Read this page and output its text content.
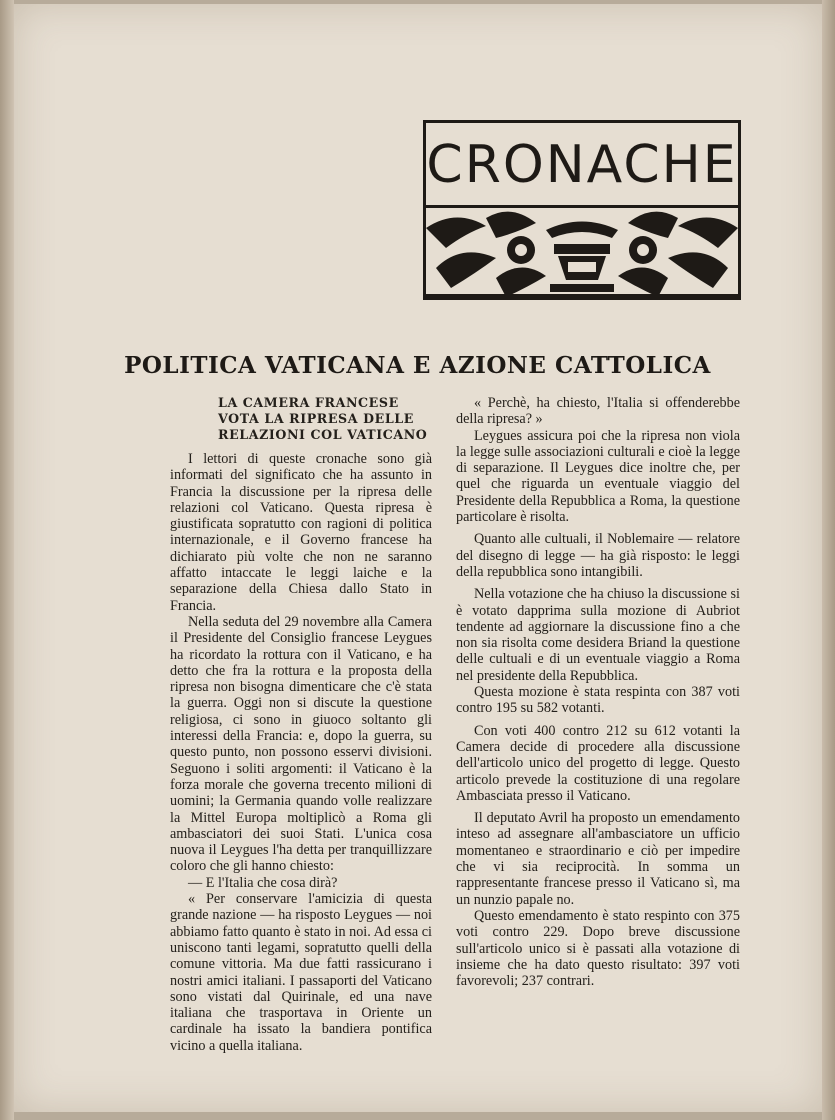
CRONACHE
POLITICA VATICANA E AZIONE CATTOLICA
LA CAMERA FRANCESE VOTA LA RIPRESA DELLE RELAZIONI COL VATICANO

I lettori di queste cronache sono già informati del significato che ha assunto in Francia la discussione per la ripresa delle relazioni col Vaticano. Questa ripresa è giustificata sopratutto con ragioni di politica internazionale, e il Governo francese ha dichiarato più volte che non ne saranno affatto intaccate le leggi laiche e la separazione della Chiesa dallo Stato in Francia.

Nella seduta del 29 novembre alla Camera il Presidente del Consiglio francese Leygues ha ricordato la rottura con il Vaticano, e ha detto che fra la rottura e la proposta della ripresa non bisogna dimenticare che c'è stata la guerra. Oggi non si discute la questione religiosa, ci sono in giuoco soltanto gli interessi della Francia: e, dopo la guerra, su questo punto, non possono esservi divisioni. Seguono i soliti argomenti: il Vaticano è la forza morale che governa trecento milioni di uomini; la Germania quando volle realizzare la Mittel Europa moltiplicò a Roma gli ambasciatori dei suoi Stati. L'unica cosa nuova il Leygues l'ha detta per tranquillizzare coloro che gli hanno chiesto:

— E l'Italia che cosa dirà?

« Per conservare l'amicizia di questa grande nazione — ha risposto Leygues — noi abbiamo fatto quanto è stato in noi. Ad essa ci uniscono tanti legami, sopratutto quelli della comune vittoria. Ma due fatti rassicurano i nostri amici italiani. I passaporti del Vaticano sono vistati dal Quirinale, ed una nave italiana che trasportava in Oriente un cardinale ha issato la bandiera pontifica vicino a quella italiana.

« Perchè, ha chiesto, l'Italia si offenderebbe della ripresa? »

Leygues assicura poi che la ripresa non viola la legge sulle associazioni culturali e cioè la legge di separazione. Il Leygues dice inoltre che, per quel che riguarda un eventuale viaggio del Presidente della Repubblica a Roma, la questione particolare è risolta.

Quanto alle cultuali, il Noblemaire — relatore del disegno di legge — ha già risposto: le leggi della repubblica sono intangibili.

Nella votazione che ha chiuso la discussione si è votato dapprima sulla mozione di Aubriot tendente ad aggiornare la discussione fino a che non sia risolta come desidera Briand la questione delle cultuali e di un eventuale viaggio a Roma nel presidente della Repubblica.

Questa mozione è stata respinta con 387 voti contro 195 su 582 votanti.

Con voti 400 contro 212 su 612 votanti la Camera decide di procedere alla discussione dell'articolo unico del progetto di legge. Questo articolo prevede la costituzione di una regolare Ambasciata presso il Vaticano.

Il deputato Avril ha proposto un emendamento inteso ad assegnare all'ambasciatore un ufficio momentaneo e straordinario e ciò per impedire che vi sia reciprocità. In somma un rappresentante francese presso il Vaticano sì, ma un nunzio papale no.

Questo emendamento è stato respinto con 375 voti contro 229. Dopo breve discussione sull'articolo unico si è passati alla votazione di insieme che ha dato questo risultato: 397 voti favorevoli; 237 contrari.
